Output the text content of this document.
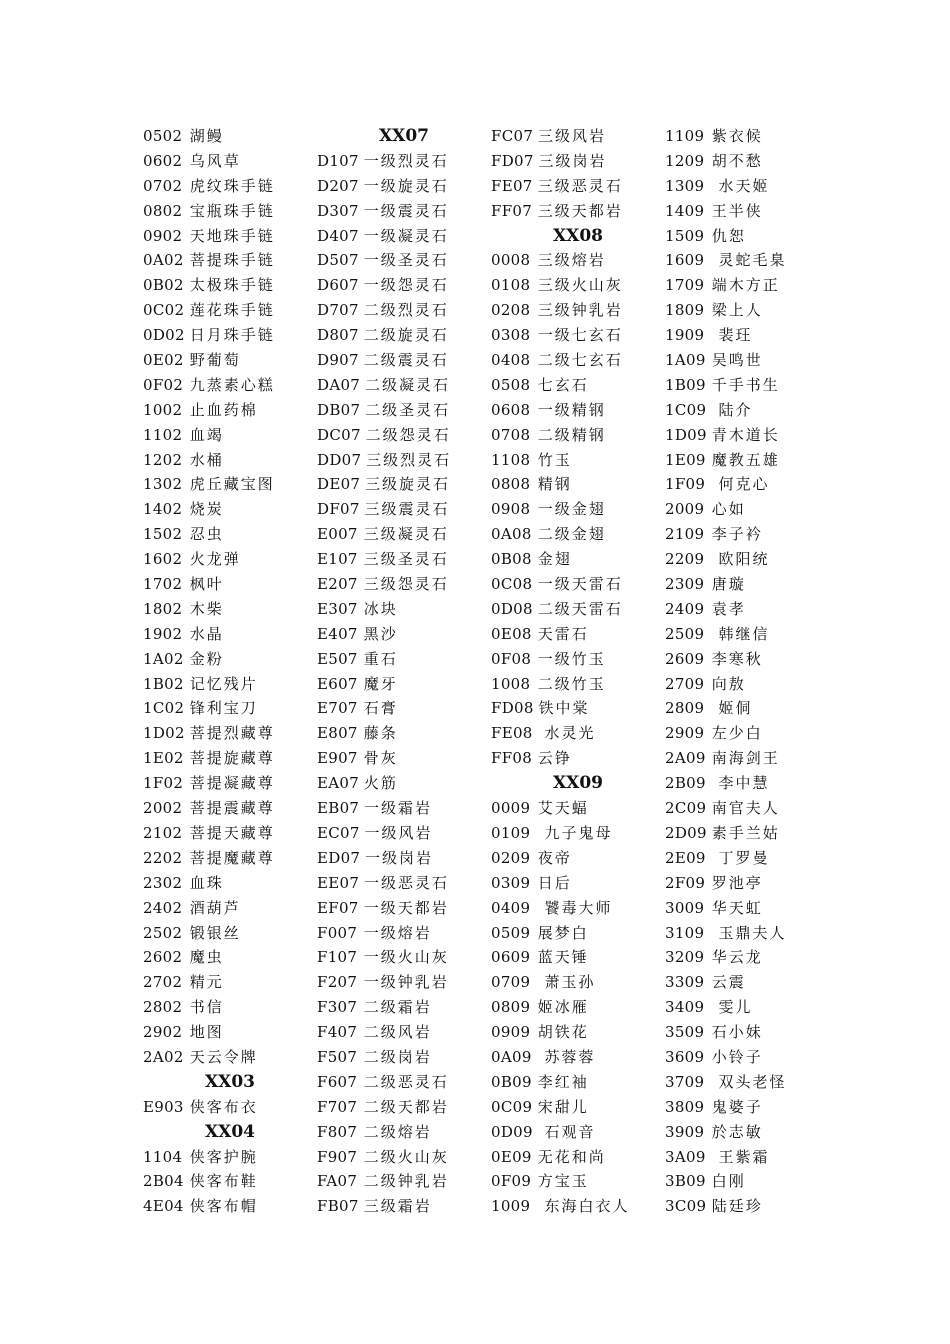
0502 湖鳗
0602 乌风草
0702 虎纹珠手链
0802 宝瓶珠手链
0902 天地珠手链
0A02 菩提珠手链
0B02 太极珠手链
0C02 莲花珠手链
0D02 日月珠手链
0E02 野葡萄
0F02 九蒸素心糕
1002 止血药棉
1102 血竭
1202 水桶
1302 虎丘藏宝图
1402 烧炭
1502 忍虫
1602 火龙弹
1702 枫叶
1802 木柴
1902 水晶
1A02 金粉
1B02 记忆残片
1C02 锋利宝刀
1D02 菩提烈藏尊
1E02 菩提旋藏尊
1F02 菩提凝藏尊
2002 菩提震藏尊
2102 菩提天藏尊
2202 菩提魔藏尊
2302 血珠
2402 酒葫芦
2502 锻银丝
2602 魔虫
2702 精元
2802 书信
2902 地图
2A02 天云令牌
XX03
E903 侠客布衣
XX04
1104 侠客护腕
2B04 侠客布鞋
4E04 侠客布帽
XX07
D107 一级烈灵石
D207 一级旋灵石
D307 一级震灵石
D407 一级凝灵石
D507 一级圣灵石
D607 一级怨灵石
D707 二级烈灵石
D807 二级旋灵石
D907 二级震灵石
DA07 二级凝灵石
DB07 二级圣灵石
DC07 二级怨灵石
DD07 三级烈灵石
DE07 三级旋灵石
DF07 三级震灵石
E007 三级凝灵石
E107 三级圣灵石
E207 三级怨灵石
E307 冰块
E407 黑沙
E507 重石
E607 魔牙
E707 石膏
E807 藤条
E907 骨灰
EA07 火筋
EB07 一级霜岩
EC07 一级风岩
ED07 一级岗岩
EE07 一级恶灵石
EF07 一级天都岩
F007 一级熔岩
F107 一级火山灰
F207 一级钟乳岩
F307 二级霜岩
F407 二级风岩
F507 二级岗岩
F607 二级恶灵石
F707 二级天都岩
F807 二级熔岩
F907 二级火山灰
FA07 二级钟乳岩
FB07 三级霜岩
FC07 三级风岩
FD07 三级岗岩
FE07 三级恶灵石
FF07 三级天都岩
XX08
0008 三级熔岩
0108 三级火山灰
0208 三级钟乳岩
0308 一级七玄石
0408 二级七玄石
0508 七玄石
0608 一级精钢
0708 二级精钢
1108 竹玉
0808 精钢
0908 一级金翅
0A08 二级金翅
0B08 金翅
0C08 一级天雷石
0D08 二级天雷石
0E08 天雷石
0F08 一级竹玉
1008 二级竹玉
FD08 铁中棠
FE08  水灵光
FF08 云铮
XX09
0009 艾天蝠
0109  九子鬼母
0209 夜帝
0309 日后
0409  饕毒大师
0509 展梦白
0609 蓝天锤
0709  萧玉孙
0809 姬冰雁
0909 胡铁花
0A09  苏蓉蓉
0B09 李红袖
0C09 宋甜儿
0D09  石观音
0E09 无花和尚
0F09 方宝玉
1009  东海白衣人
1109 紫衣候
1209 胡不愁
1309  水天姬
1409 王半侠
1509 仇恕
1609  灵蛇毛臬
1709 端木方正
1809 梁上人
1909  裴玨
1A09 吴鸣世
1B09 千手书生
1C09  陆介
1D09 青木道长
1E09 魔教五雄
1F09  何克心
2009 心如
2109 李子衿
2209  欧阳统
2309 唐璇
2409 袁孝
2509  韩继信
2609 李寒秋
2709 向敖
2809  姬侗
2909 左少白
2A09 南海剑王
2B09  李中慧
2C09 南官夫人
2D09 素手兰姑
2E09  丁罗曼
2F09 罗池亭
3009 华天虹
3109  玉鼎夫人
3209 华云龙
3309 云震
3409  雯儿
3509 石小妹
3609 小铃子
3709  双头老怪
3809 鬼婆子
3909 於志敏
3A09  王紫霜
3B09 白刚
3C09 陆廷珍
